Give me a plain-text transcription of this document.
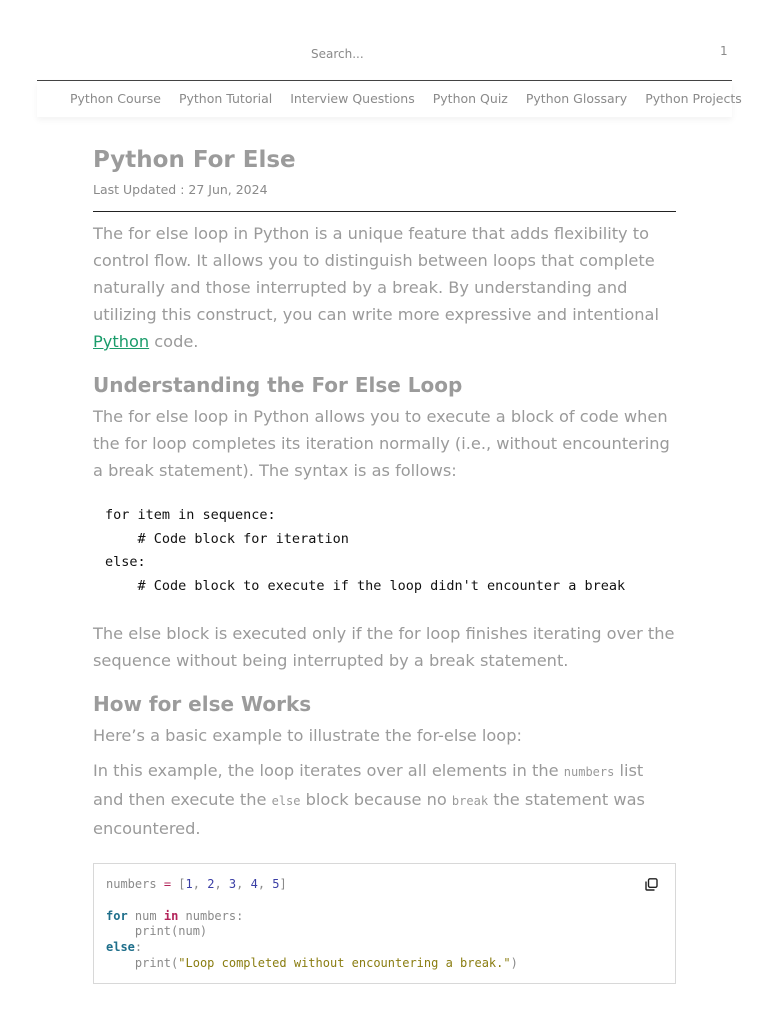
Search...	1
Python Course Python Tutorial Interview Questions Python Quiz Python Glossary Python Projects
Python For Else
Last Updated : 27 Jun, 2024

The for else loop in Python is a unique feature that adds flexibility to control flow. It allows you to distinguish between loops that complete naturally and those interrupted by a break. By understanding and utilizing this construct, you can write more expressive and intentional Python code.

Understanding the For Else Loop

The for else loop in Python allows you to execute a block of code when the for loop completes its iteration normally (i.e., without encountering a break statement). The syntax is as follows:

for item in sequence:
# Code block for iteration
else:
# Code block to execute if the loop didn't encounter a break

The else block is executed only if the for loop finishes iterating over the sequence without being interrupted by a break statement.

How for else Works

Here’s a basic example to illustrate the for-else loop:

In this example, the loop iterates over all elements in the numbers list and then execute the else block because no break the statement was encountered.

numbers = [1, 2, 3, 4, 5]

for num in numbers:
print(num)
else:
print("Loop completed without encountering a break.")
